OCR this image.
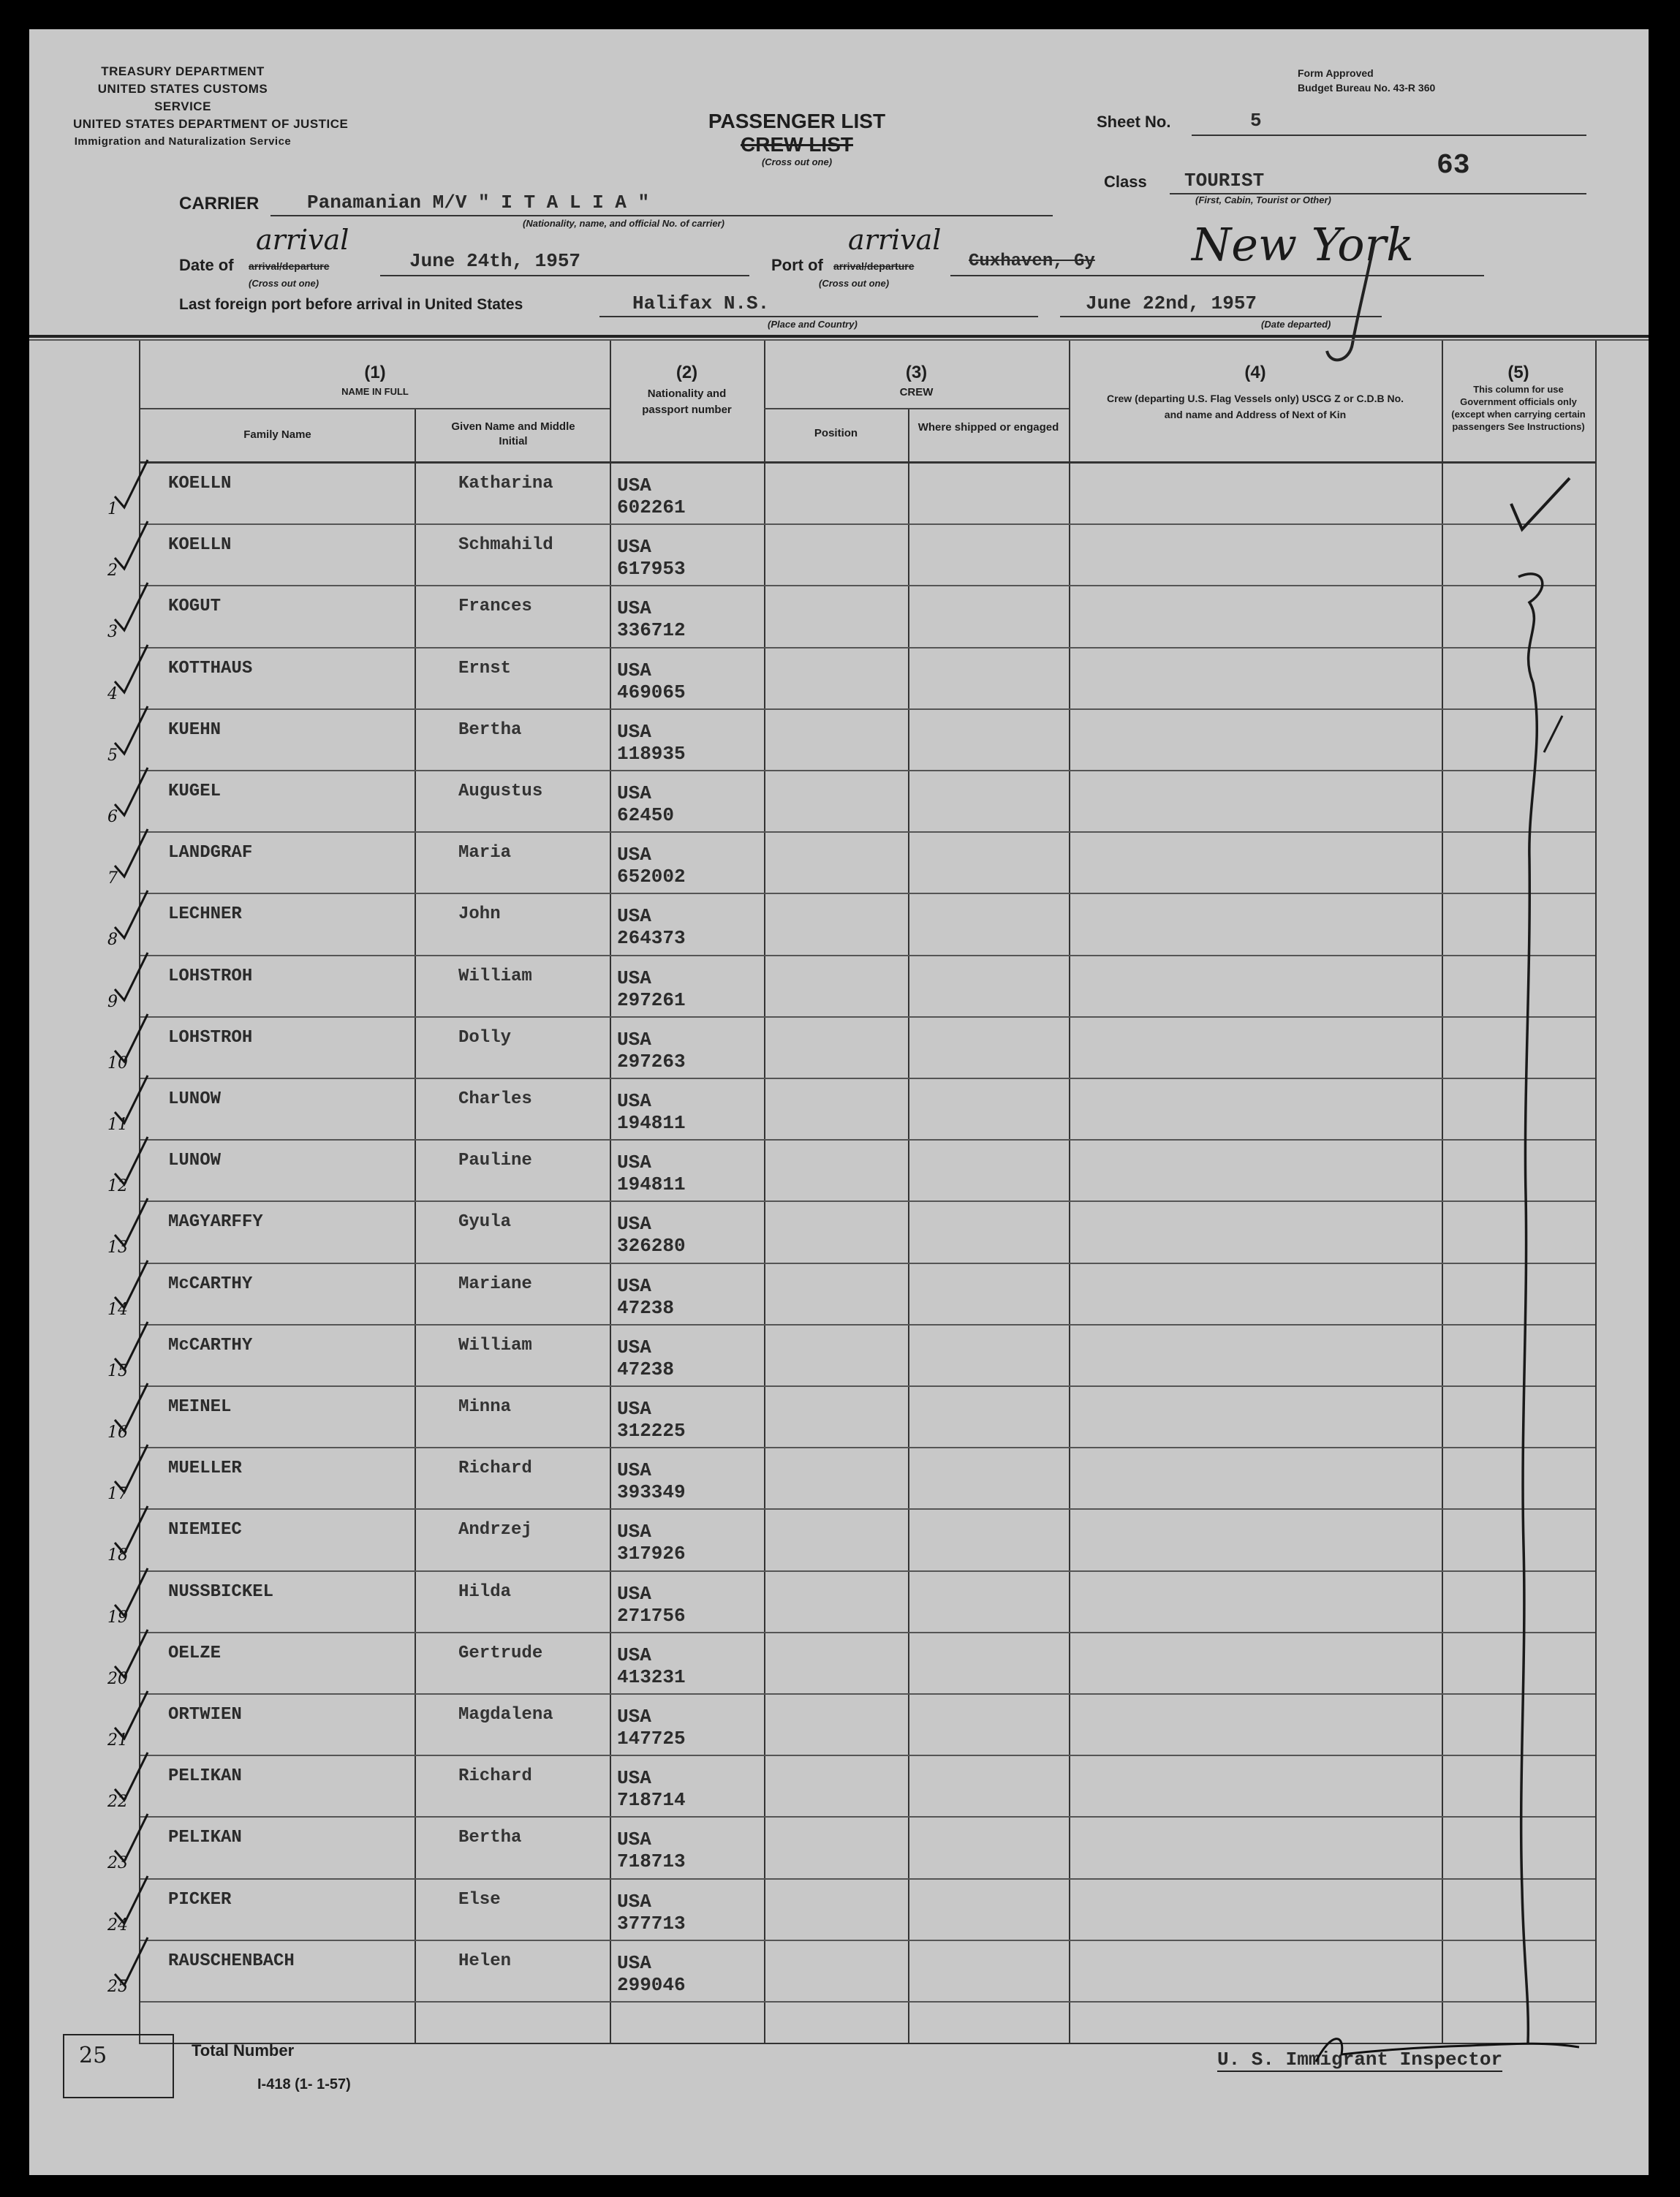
TREASURY DEPARTMENT
UNITED STATES CUSTOMS SERVICE
UNITED STATES DEPARTMENT OF JUSTICE
Immigration and Naturalization Service
Form Approved
Budget Bureau No. 43-R 360
PASSENGER LIST
CREW LIST
(Cross out one)
Sheet No.	5
63
Class TOURIST
(First, Cabin, Tourist or Other)
CARRIER	Panamanian M/V " I T A L I A "
(Nationality, name, and official No. of carrier)
Date of
arrival
arrival/departure	June 24th, 1957
(Cross out one)
Port of
arrival
arrival/departure	Cuxhaven, Gy New York
(Cross out one)
Last foreign port before arrival in United States	Halifax N.S.
(Place and Country)
June 22nd, 1957
(Date departed)
(1)
NAME IN FULL
Family Name
Given Name and Middle Initial
(2)
Nationality and passport number
(3)
CREW
Position	Where shipped or engaged
(4)
Crew (departing U.S. Flag Vessels only) USCG Z or C.D.B No. and name and Address of Next of Kin
(5)
This column for use Government officials only (except when carrying certain passengers See Instructions)
1
KOELLN	Katharina	USA
602261
2
KOELLN	Schmahild	USA
617953
3
KOGUT	Frances	USA
336712
4
KOTTHAUS	Ernst	USA
469065
5
KUEHN	Bertha	USA
118935
6
KUGEL	Augustus	USA
62450
7
LANDGRAF	Maria	USA
652002
8
LECHNER	John	USA
264373
9
LOHSTROH	William	USA
297261
10
LOHSTROH	Dolly	USA
297263
11
LUNOW	Charles	USA
194811
12
LUNOW	Pauline	USA
194811
13
MAGYARFFY	Gyula	USA
326280
14
McCARTHY	Mariane	USA
47238
15
McCARTHY	William	USA
47238
16
MEINEL	Minna	USA
312225
17
MUELLER	Richard	USA
393349
18
NIEMIEC	Andrzej	USA
317926
19
NUSSBICKEL	Hilda	USA
271756
20
OELZE	Gertrude	USA
413231
21
ORTWIEN	Magdalena	USA
147725
22
PELIKAN	Richard	USA
718714
23
PELIKAN	Bertha	USA
718713
24
PICKER	Else	USA
377713
25
RAUSCHENBACH	Helen	USA
299046
25	Total Number
I-418 (1- 1-57)
U. S. Immigrant Inspector
